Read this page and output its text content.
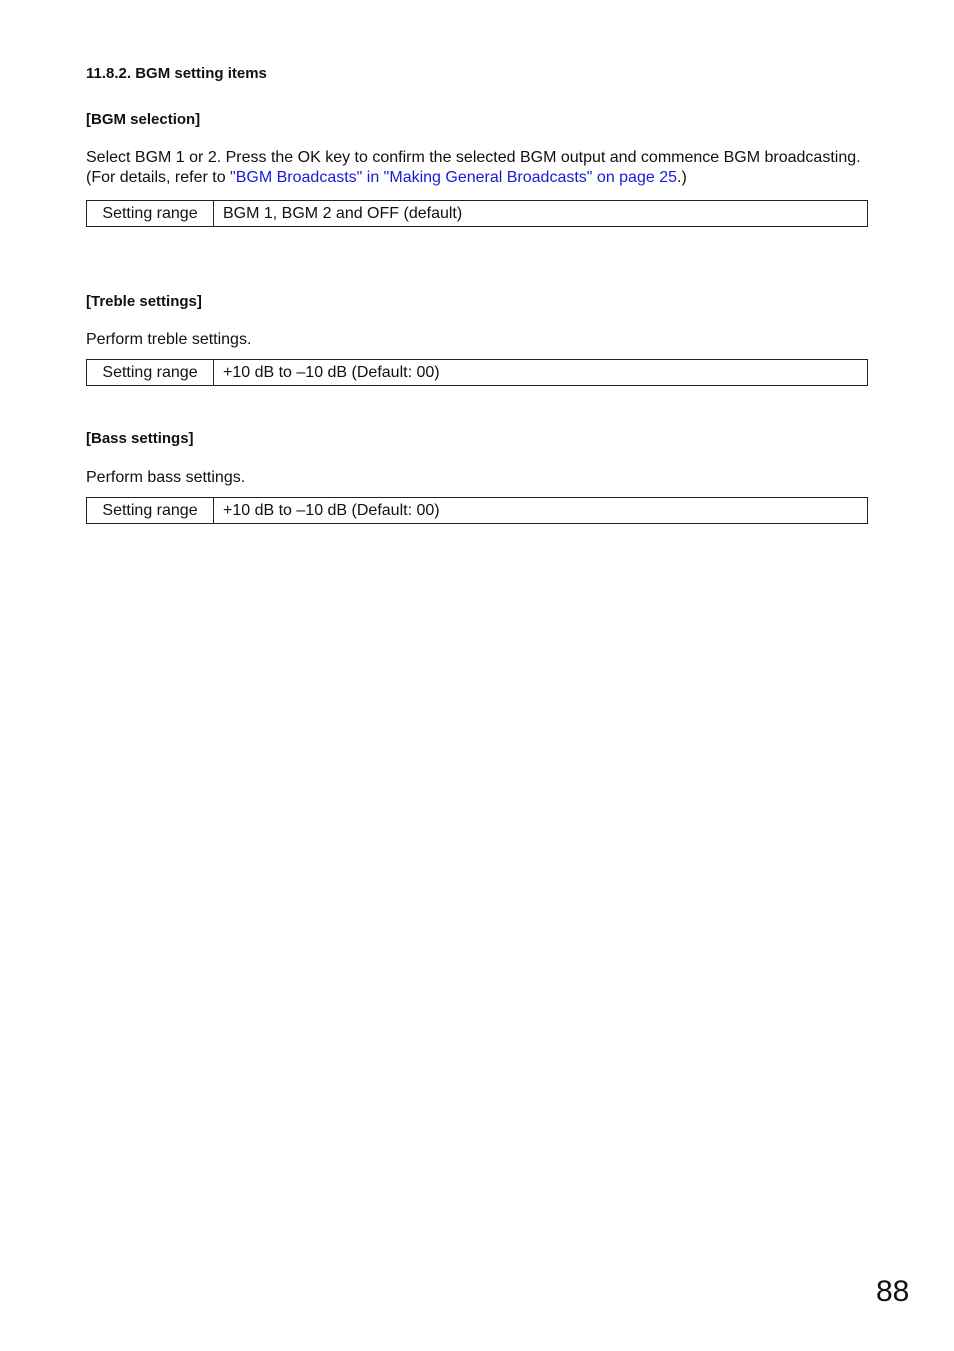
11.8.2. BGM setting items
[BGM selection]

Select BGM 1 or 2. Press the OK key to confirm the selected BGM output and commence BGM broadcasting.

(For details, refer to "BGM Broadcasts" in "Making General Broadcasts" on page 25.)

Setting range	BGM 1, BGM 2 and OFF (default)
[Treble settings]

Perform treble settings.

Setting range	+10 dB to –10 dB (Default: 00)
[Bass settings]

Perform bass settings.

Setting range	+10 dB to –10 dB (Default: 00)
88
